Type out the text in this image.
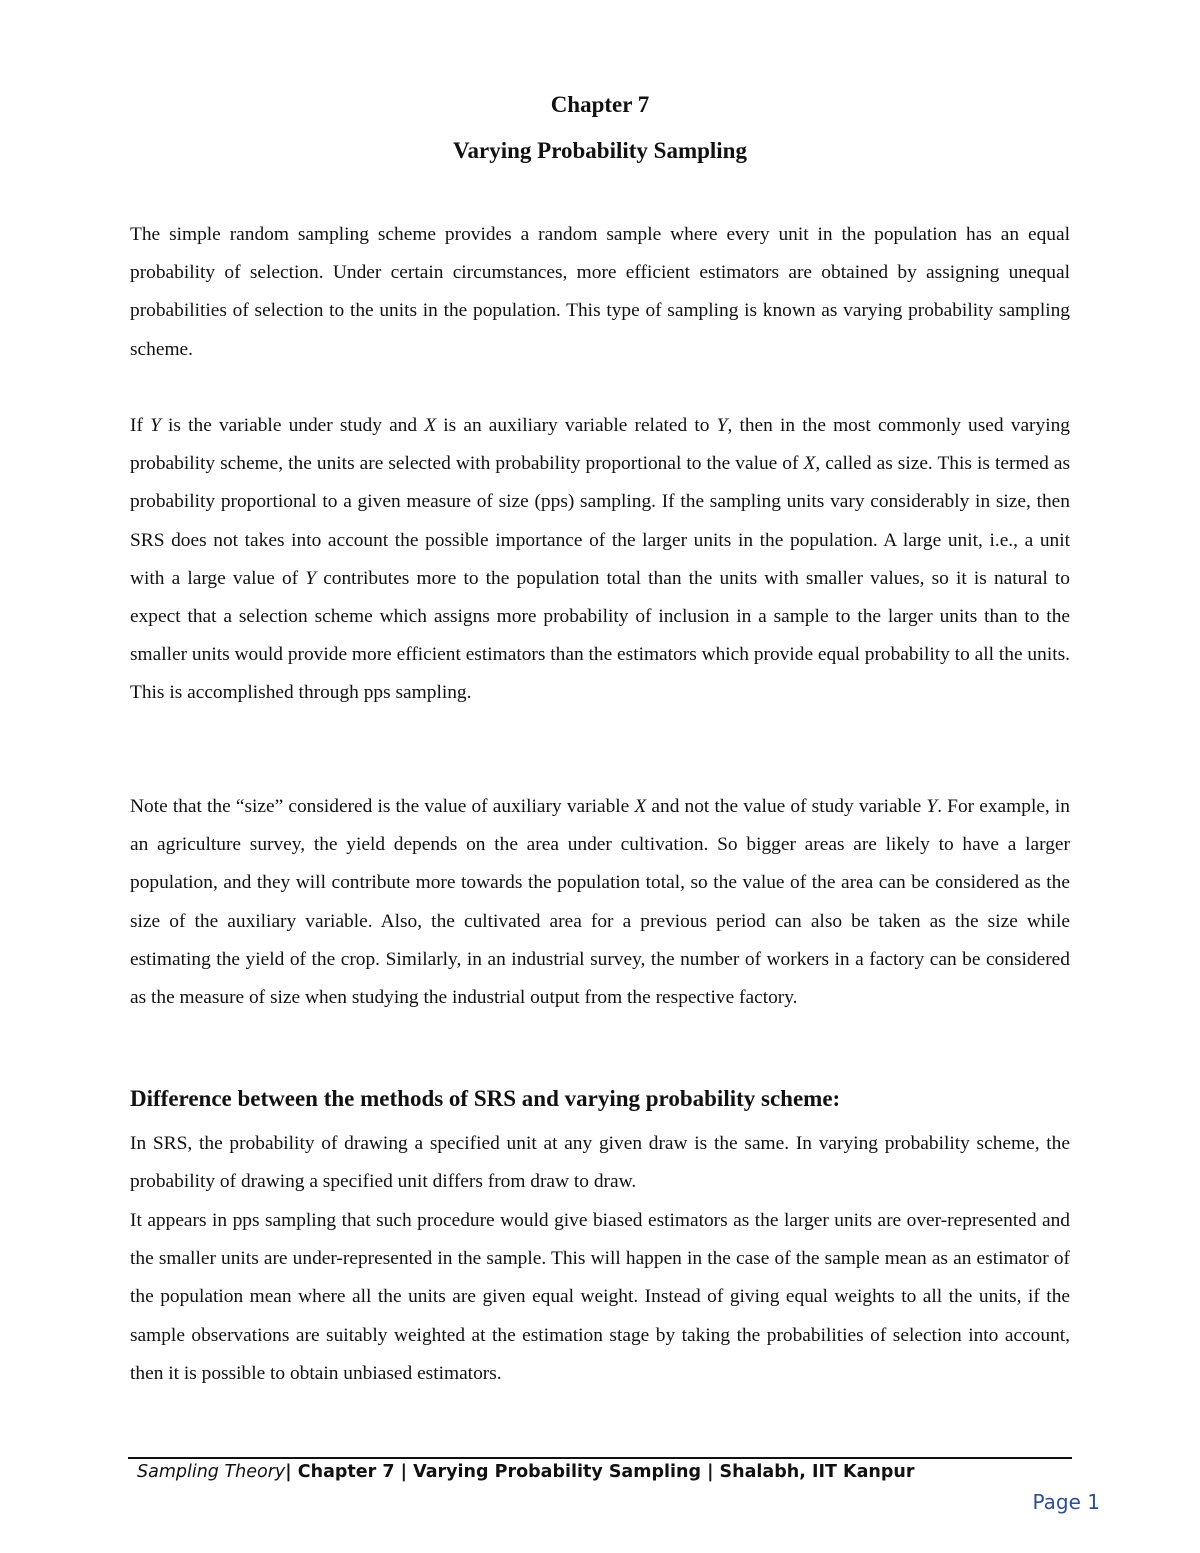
Chapter 7
Varying Probability Sampling

The simple random sampling scheme provides a random sample where every unit in the population has an equal probability of selection. Under certain circumstances, more efficient estimators are obtained by assigning unequal probabilities of selection to the units in the population. This type of sampling is known as varying probability sampling scheme.

If Y is the variable under study and X is an auxiliary variable related to Y, then in the most commonly used varying probability scheme, the units are selected with probability proportional to the value of X, called as size. This is termed as probability proportional to a given measure of size (pps) sampling. If the sampling units vary considerably in size, then SRS does not takes into account the possible importance of the larger units in the population. A large unit, i.e., a unit with a large value of Y contributes more to the population total than the units with smaller values, so it is natural to expect that a selection scheme which assigns more probability of inclusion in a sample to the larger units than to the smaller units would provide more efficient estimators than the estimators which provide equal probability to all the units. This is accomplished through pps sampling.

Note that the “size” considered is the value of auxiliary variable X and not the value of study variable Y. For example, in an agriculture survey, the yield depends on the area under cultivation. So bigger areas are likely to have a larger population, and they will contribute more towards the population total, so the value of the area can be considered as the size of the auxiliary variable. Also, the cultivated area for a previous period can also be taken as the size while estimating the yield of the crop. Similarly, in an industrial survey, the number of workers in a factory can be considered as the measure of size when studying the industrial output from the respective factory.

Difference between the methods of SRS and varying probability scheme:

In SRS, the probability of drawing a specified unit at any given draw is the same. In varying probability scheme, the probability of drawing a specified unit differs from draw to draw.

It appears in pps sampling that such procedure would give biased estimators as the larger units are over-represented and the smaller units are under-represented in the sample. This will happen in the case of the sample mean as an estimator of the population mean where all the units are given equal weight. Instead of giving equal weights to all the units, if the sample observations are suitably weighted at the estimation stage by taking the probabilities of selection into account, then it is possible to obtain unbiased estimators.

Sampling Theory| Chapter 7 | Varying Probability Sampling | Shalabh, IIT Kanpur
Page 1
